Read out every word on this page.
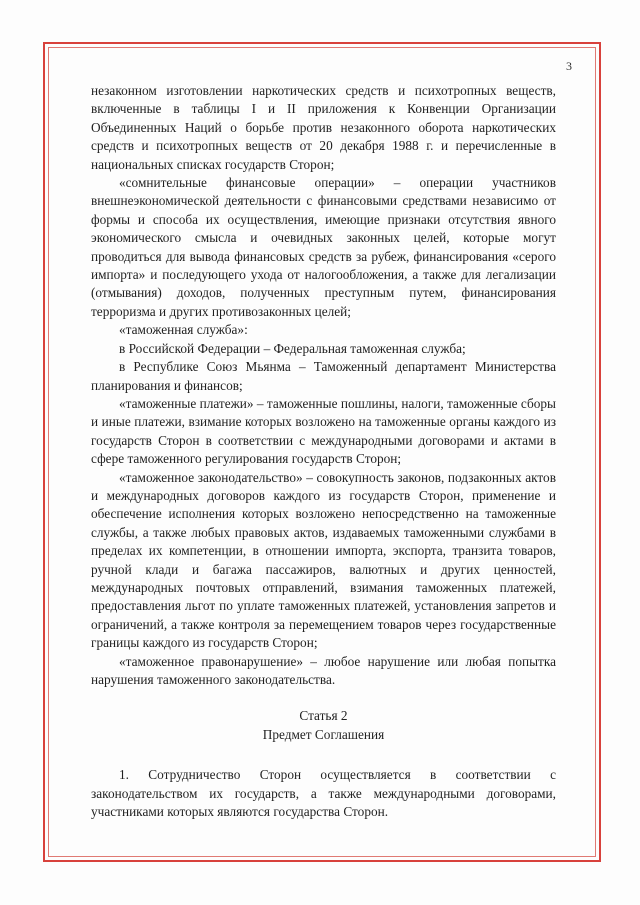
3

незаконном изготовлении наркотических средств и психотропных веществ, включенные в таблицы I и II приложения к Конвенции Организации Объединенных Наций о борьбе против незаконного оборота наркотических средств и психотропных веществ от 20 декабря 1988 г. и перечисленные в национальных списках государств Сторон;

«сомнительные финансовые операции» – операции участников внешнеэкономической деятельности с финансовыми средствами независимо от формы и способа их осуществления, имеющие признаки отсутствия явного экономического смысла и очевидных законных целей, которые могут проводиться для вывода финансовых средств за рубеж, финансирования «серого импорта» и последующего ухода от налогообложения, а также для легализации (отмывания) доходов, полученных преступным путем, финансирования терроризма и других противозаконных целей;

«таможенная служба»:

в Российской Федерации – Федеральная таможенная служба;

в Республике Союз Мьянма – Таможенный департамент Министерства планирования и финансов;

«таможенные платежи» – таможенные пошлины, налоги, таможенные сборы и иные платежи, взимание которых возложено на таможенные органы каждого из государств Сторон в соответствии с международными договорами и актами в сфере таможенного регулирования государств Сторон;

«таможенное законодательство» – совокупность законов, подзаконных актов и международных договоров каждого из государств Сторон, применение и обеспечение исполнения которых возложено непосредственно на таможенные службы, а также любых правовых актов, издаваемых таможенными службами в пределах их компетенции, в отношении импорта, экспорта, транзита товаров, ручной клади и багажа пассажиров, валютных и других ценностей, международных почтовых отправлений, взимания таможенных платежей, предоставления льгот по уплате таможенных платежей, установления запретов и ограничений, а также контроля за перемещением товаров через государственные границы каждого из государств Сторон;

«таможенное правонарушение» – любое нарушение или любая попытка нарушения таможенного законодательства.

Статья 2

Предмет Соглашения

1. Сотрудничество Сторон осуществляется в соответствии с законодательством их государств, а также международными договорами, участниками которых являются государства Сторон.
